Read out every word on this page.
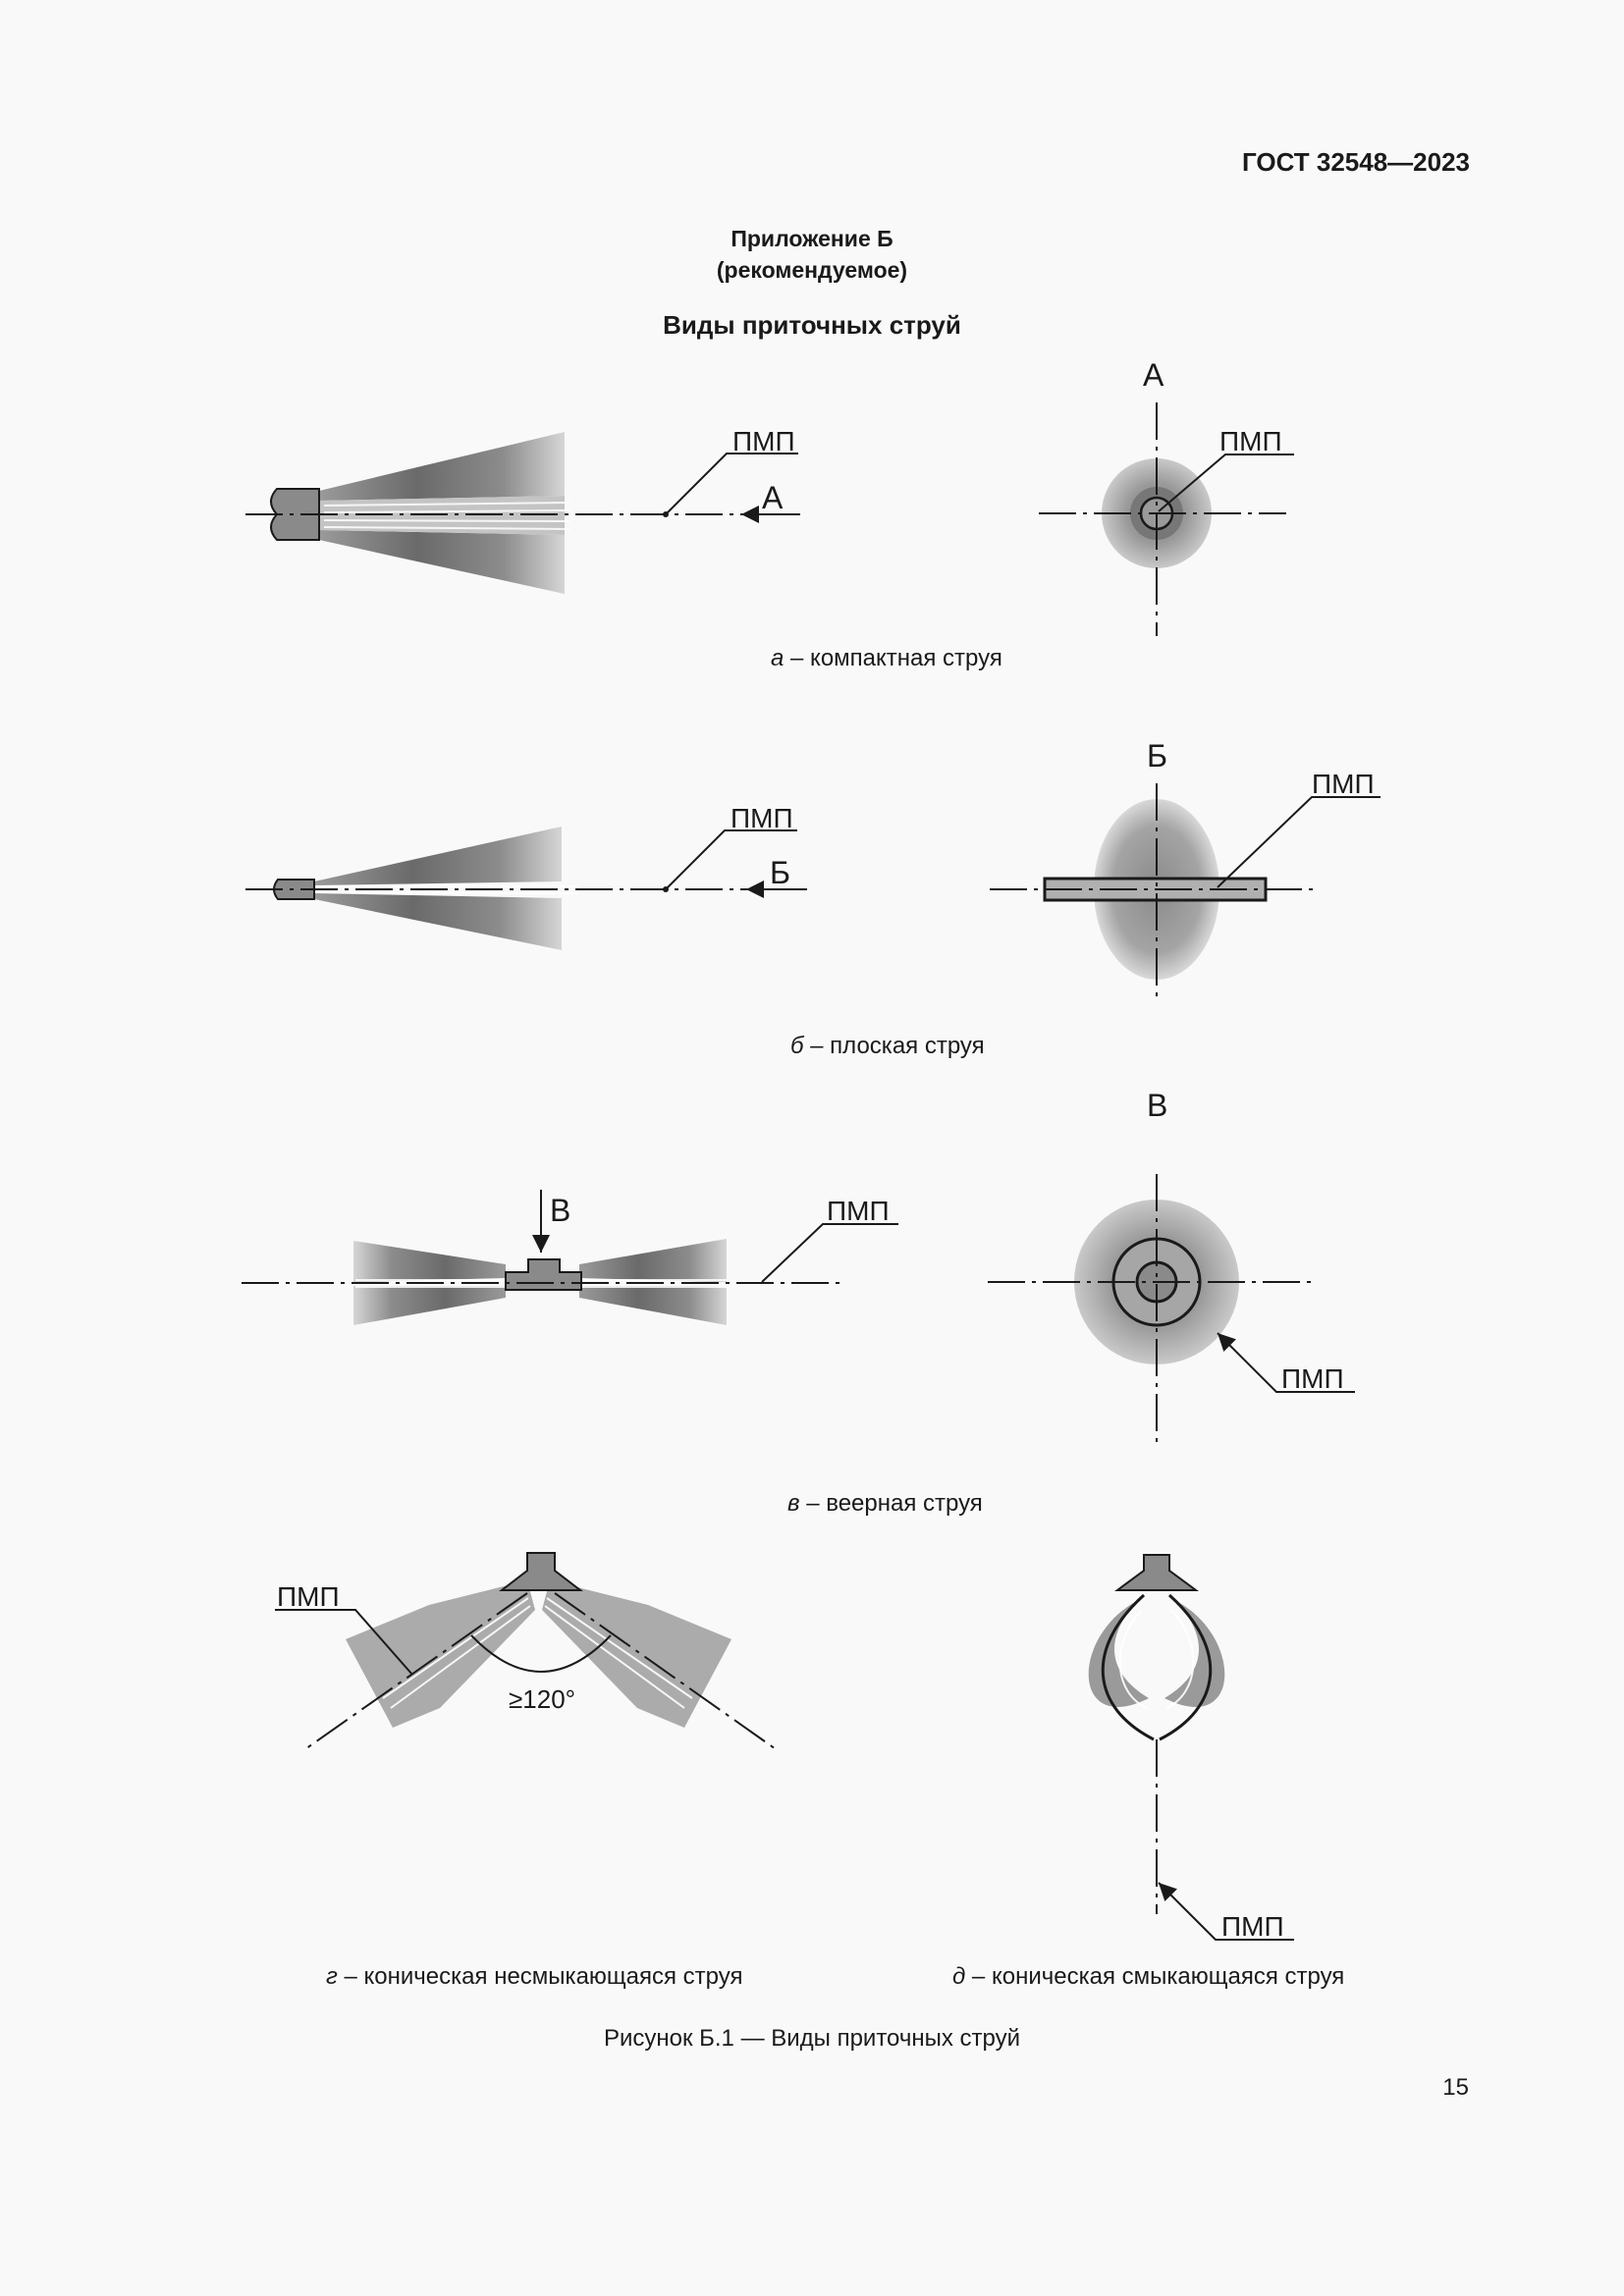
ГОСТ 32548—2023
Приложение Б
(рекомендуемое)
Виды приточных струй
ПМП
А
А
ПМП
ПМП
Б
Б
ПМП
В	ПМП
В
ПМП
≥120°
ПМП
ПМП
а – компактная струя
б – плоская струя
в – веерная струя
г – коническая несмыкающаяся струя	д – коническая смыкающаяся струя
Рисунок Б.1 — Виды приточных струй
15
